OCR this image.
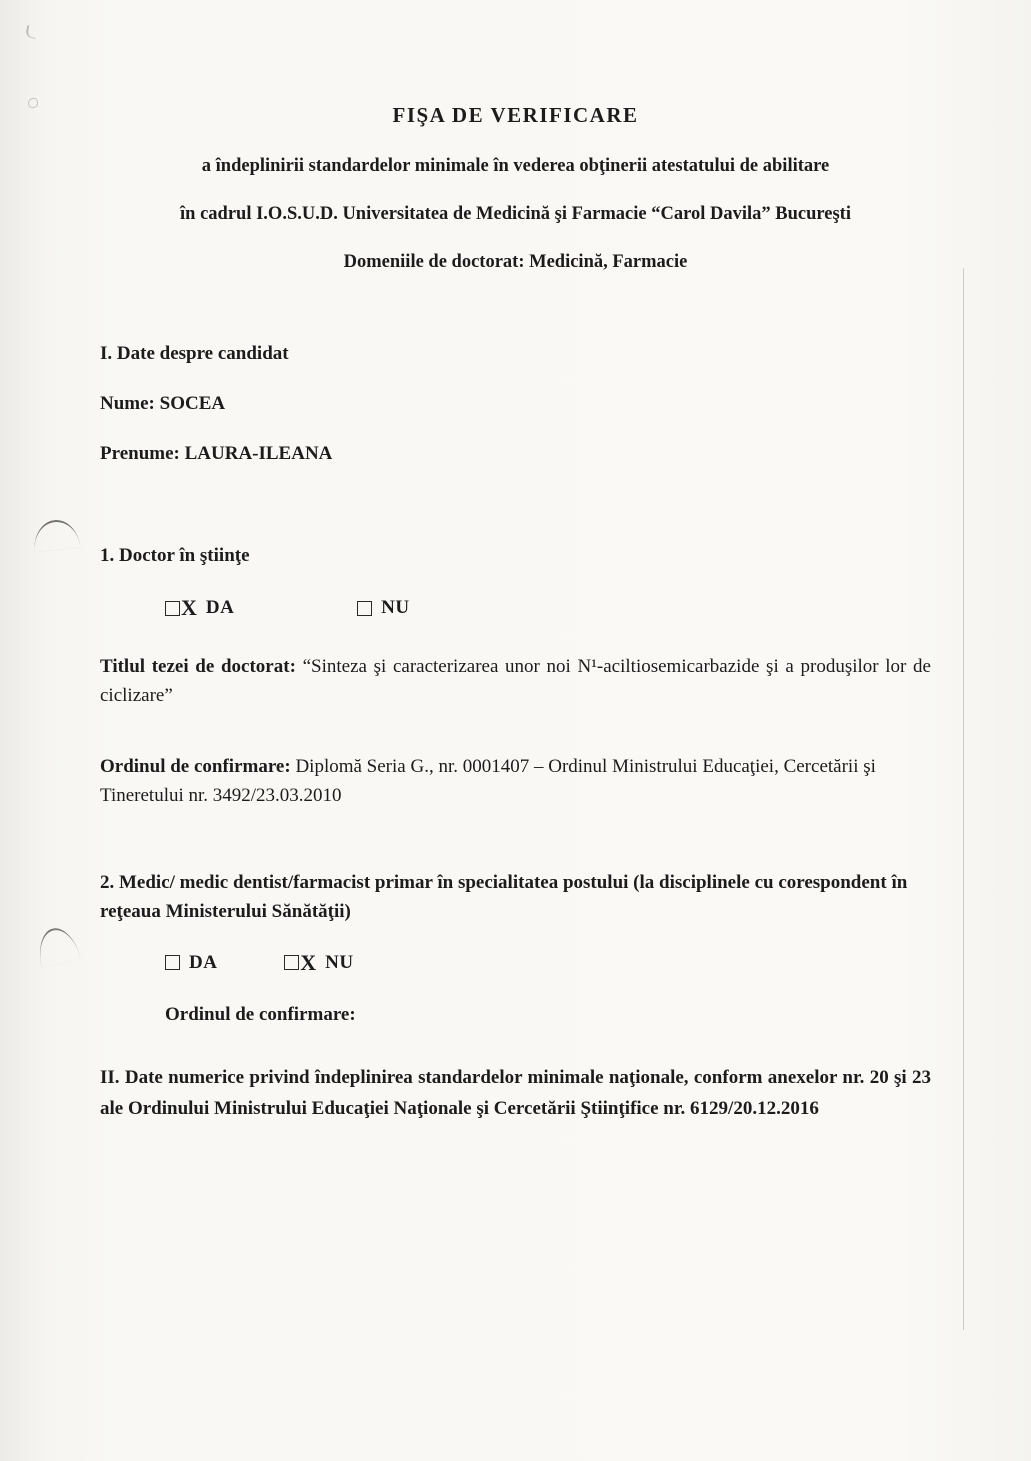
FIŞA DE VERIFICARE
a îndeplinirii standardelor minimale în vederea obţinerii atestatului de abilitare
în cadrul I.O.S.U.D. Universitatea de Medicină şi Farmacie “Carol Davila” Bucureşti
Domeniile de doctorat: Medicină, Farmacie
I. Date despre candidat
Nume: SOCEA
Prenume: LAURA-ILEANA
1. Doctor în ştiinţe
X DA
	NU

Titlul tezei de doctorat: “Sinteza şi caracterizarea unor noi N¹-aciltiosemicarbazide şi a produşilor lor de ciclizare”

Ordinul de confirmare: Diplomă Seria G., nr. 0001407 – Ordinul Ministrului Educaţiei, Cercetării şi Tineretului nr. 3492/23.03.2010

2. Medic/ medic dentist/farmacist primar în specialitatea postului (la disciplinele cu corespondent în reţeaua Ministerului Sănătăţii)

DA
	X NU
Ordinul de confirmare:

II. Date numerice privind îndeplinirea standardelor minimale naţionale, conform anexelor nr. 20 şi 23 ale Ordinului Ministrului Educaţiei Naţionale şi Cercetării Ştiinţifice nr. 6129/20.12.2016
